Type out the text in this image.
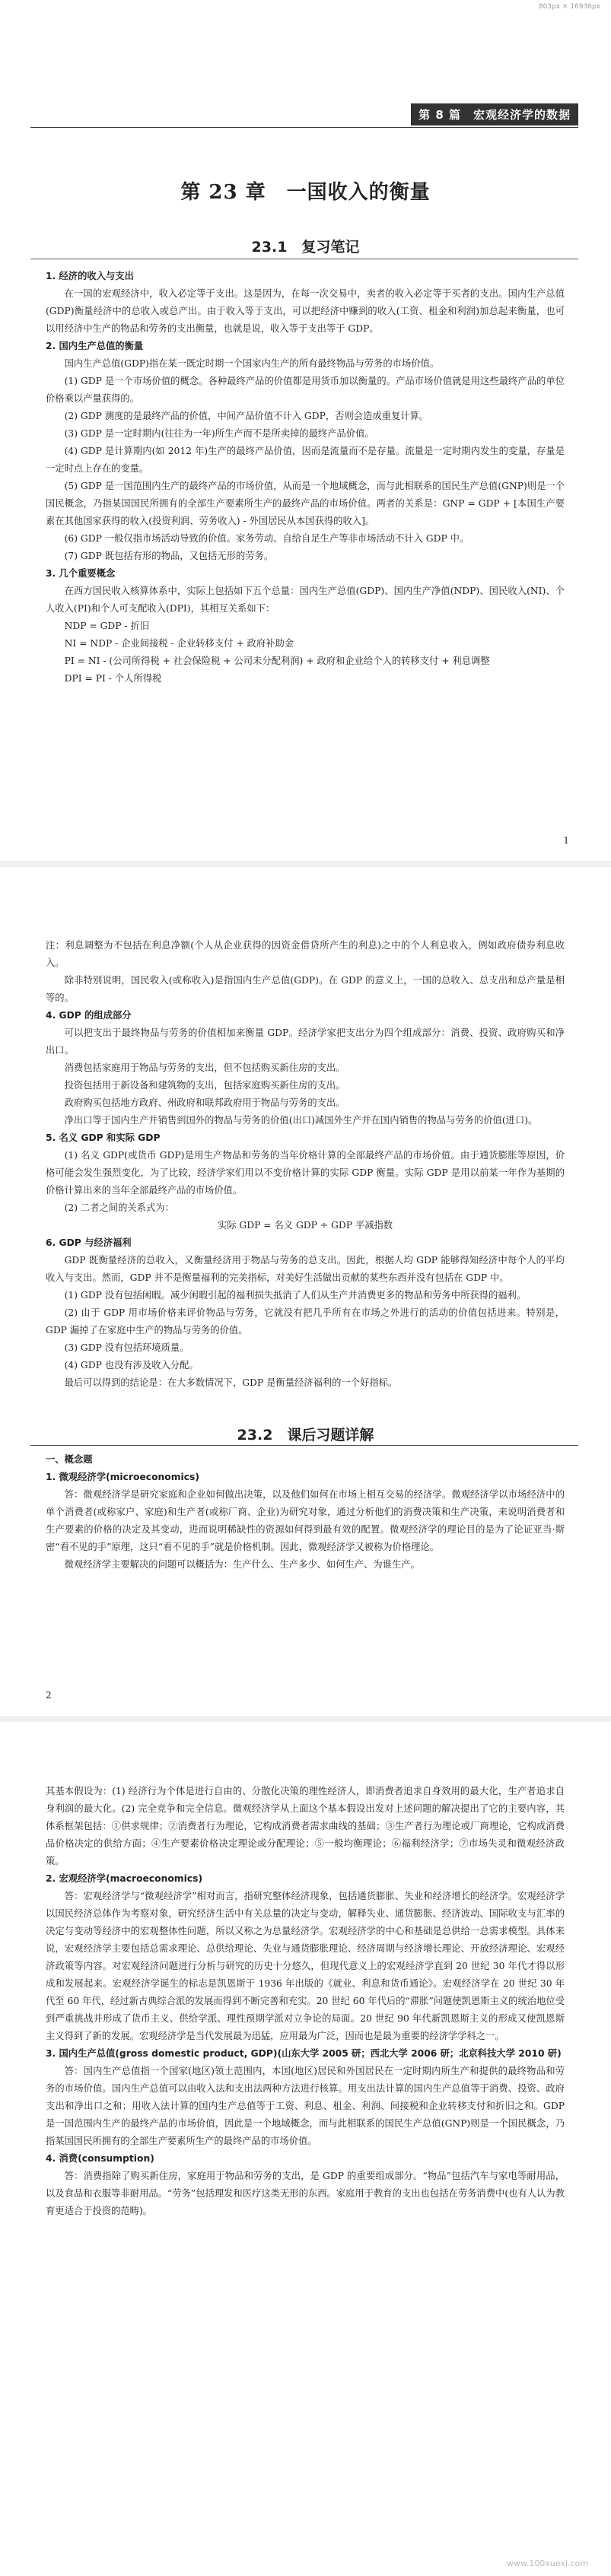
803px × 16936px
第 8 篇　宏观经济学的数据
第 23 章　一国收入的衡量
23.1　复习笔记

1. 经济的收入与支出

在一国的宏观经济中，收入必定等于支出。这是因为，在每一次交易中，卖者的收入必定等于买者的支出。国内生产总值(GDP)衡量经济中的总收入或总产出。由于收入等于支出，可以把经济中赚到的收入(工资、租金和利润)加总起来衡量，也可以用经济中生产的物品和劳务的支出衡量，也就是说，收入等于支出等于 GDP。

2. 国内生产总值的衡量

国内生产总值(GDP)指在某一既定时期一个国家内生产的所有最终物品与劳务的市场价值。

(1) GDP 是一个市场价值的概念。各种最终产品的价值都是用货币加以衡量的。产品市场价值就是用这些最终产品的单位价格乘以产量获得的。

(2) GDP 测度的是最终产品的价值，中间产品价值不计入 GDP，否则会造成重复计算。

(3) GDP 是一定时期内(往往为一年)所生产而不是所卖掉的最终产品价值。

(4) GDP 是计算期内(如 2012 年)生产的最终产品价值，因而是流量而不是存量。流量是一定时期内发生的变量，存量是一定时点上存在的变量。

(5) GDP 是一国范围内生产的最终产品的市场价值，从而是一个地域概念，而与此相联系的国民生产总值(GNP)则是一个国民概念，乃指某国国民所拥有的全部生产要素所生产的最终产品的市场价值。两者的关系是：GNP = GDP + [本国生产要素在其他国家获得的收入(投资利润、劳务收入) - 外国居民从本国获得的收入]。

(6) GDP 一般仅指市场活动导致的价值。家务劳动、自给自足生产等非市场活动不计入 GDP 中。

(7) GDP 既包括有形的物品，又包括无形的劳务。

3. 几个重要概念

在西方国民收入核算体系中，实际上包括如下五个总量：国内生产总值(GDP)、国内生产净值(NDP)、国民收入(NI)、个人收入(PI)和个人可支配收入(DPI)，其相互关系如下：

NDP = GDP - 折旧

NI = NDP - 企业间接税 - 企业转移支付 + 政府补助金

PI = NI - (公司所得税 + 社会保险税 + 公司未分配利润) + 政府和企业给个人的转移支付 + 利息调整

DPI = PI - 个人所得税

1

注：利息调整为不包括在利息净额(个人从企业获得的因资金借贷所产生的利息)之中的个人利息收入，例如政府债券利息收入。

除非特别说明，国民收入(或称收入)是指国内生产总值(GDP)。在 GDP 的意义上，一国的总收入、总支出和总产量是相等的。

4. GDP 的组成部分

可以把支出于最终物品与劳务的价值相加来衡量 GDP。经济学家把支出分为四个组成部分：消费、投资、政府购买和净出口。

消费包括家庭用于物品与劳务的支出，但不包括购买新住房的支出。

投资包括用于新设备和建筑物的支出，包括家庭购买新住房的支出。

政府购买包括地方政府、州政府和联邦政府用于物品与劳务的支出。

净出口等于国内生产并销售到国外的物品与劳务的价值(出口)减国外生产并在国内销售的物品与劳务的价值(进口)。

5. 名义 GDP 和实际 GDP

(1) 名义 GDP(或货币 GDP)是用生产物品和劳务的当年价格计算的全部最终产品的市场价值。由于通货膨胀等原因，价格可能会发生强烈变化，为了比较，经济学家们用以不变价格计算的实际 GDP 衡量。实际 GDP 是用以前某一年作为基期的价格计算出来的当年全部最终产品的市场价值。

(2) 二者之间的关系式为：

实际 GDP = 名义 GDP ÷ GDP 平减指数

6. GDP 与经济福利

GDP 既衡量经济的总收入，又衡量经济用于物品与劳务的总支出。因此，根据人均 GDP 能够得知经济中每个人的平均收入与支出。然而，GDP 并不是衡量福利的完美指标，对美好生活做出贡献的某些东西并没有包括在 GDP 中。

(1) GDP 没有包括闲暇。减少闲暇引起的福利损失抵消了人们从生产并消费更多的物品和劳务中所获得的福利。

(2) 由于 GDP 用市场价格来评价物品与劳务，它就没有把几乎所有在市场之外进行的活动的价值包括进来。特别是，GDP 漏掉了在家庭中生产的物品与劳务的价值。

(3) GDP 没有包括环境质量。

(4) GDP 也没有涉及收入分配。

最后可以得到的结论是：在大多数情况下，GDP 是衡量经济福利的一个好指标。

23.2　课后习题详解

一、概念题

1. 微观经济学(microeconomics)

答：微观经济学是研究家庭和企业如何做出决策，以及他们如何在市场上相互交易的经济学。微观经济学以市场经济中的单个消费者(或称家户、家庭)和生产者(或称厂商、企业)为研究对象，通过分析他们的消费决策和生产决策，来说明消费者和生产要素的价格的决定及其变动，进而说明稀缺性的资源如何得到最有效的配置。微观经济学的理论目的是为了论证亚当·斯密“看不见的手”原理，这只“看不见的手”就是价格机制。因此，微观经济学又被称为价格理论。

微观经济学主要解决的问题可以概括为：生产什么、生产多少、如何生产、为谁生产。

2

其基本假设为：(1) 经济行为个体是进行自由的、分散化决策的理性经济人，即消费者追求自身效用的最大化，生产者追求自身利润的最大化。(2) 完全竞争和完全信息。微观经济学从上面这个基本假设出发对上述问题的解决提出了它的主要内容，其体系框架包括：①供求规律；②消费者行为理论，它构成消费者需求曲线的基础；③生产者行为理论或厂商理论，它构成消费品价格决定的供给方面；④生产要素价格决定理论或分配理论；⑤一般均衡理论；⑥福利经济学；⑦市场失灵和微观经济政策。

2. 宏观经济学(macroeconomics)

答：宏观经济学与“微观经济学”相对而言，指研究整体经济现象，包括通货膨胀、失业和经济增长的经济学。宏观经济学以国民经济总体作为考察对象，研究经济生活中有关总量的决定与变动，解释失业、通货膨胀、经济波动、国际收支与汇率的决定与变动等经济中的宏观整体性问题，所以又称之为总量经济学。宏观经济学的中心和基础是总供给一总需求模型。具体来说，宏观经济学主要包括总需求理论、总供给理论、失业与通货膨胀理论、经济周期与经济增长理论、开放经济理论、宏观经济政策等内容。对宏观经济问题进行分析与研究的历史十分悠久，但现代意义上的宏观经济学直到 20 世纪 30 年代才得以形成和发展起来。宏观经济学诞生的标志是凯恩斯于 1936 年出版的《就业、利息和货币通论》。宏观经济学在 20 世纪 30 年代至 60 年代，经过新古典综合派的发展而得到不断完善和充实。20 世纪 60 年代后的“滞胀”问题使凯恩斯主义的统治地位受到严重挑战并形成了货币主义、供给学派、理性预期学派对立争论的局面。20 世纪 90 年代新凯恩斯主义的形成又使凯恩斯主义得到了新的发展。宏观经济学是当代发展最为迅猛，应用最为广泛，因而也是最为重要的经济学学科之一。

3. 国内生产总值(gross domestic product, GDP)(山东大学 2005 研；西北大学 2006 研；北京科技大学 2010 研)

答：国内生产总值指一个国家(地区)领土范围内，本国(地区)居民和外国居民在一定时期内所生产和提供的最终物品和劳务的市场价值。国内生产总值可以由收入法和支出法两种方法进行核算。用支出法计算的国内生产总值等于消费、投资、政府支出和净出口之和；用收入法计算的国内生产总值等于工资、利息、租金、利润、间接税和企业转移支付和折旧之和。GDP 是一国范围内生产的最终产品的市场价值，因此是一个地域概念，而与此相联系的国民生产总值(GNP)则是一个国民概念，乃指某国国民所拥有的全部生产要素所生产的最终产品的市场价值。

4. 消费(consumption)

答：消费指除了购买新住房，家庭用于物品和劳务的支出，是 GDP 的重要组成部分。“物品”包括汽车与家电等耐用品，以及食品和衣服等非耐用品。“劳务”包括理发和医疗这类无形的东西。家庭用于教育的支出也包括在劳务消费中(也有人认为教育更适合于投资的范畴)。

www.100xuexi.com
